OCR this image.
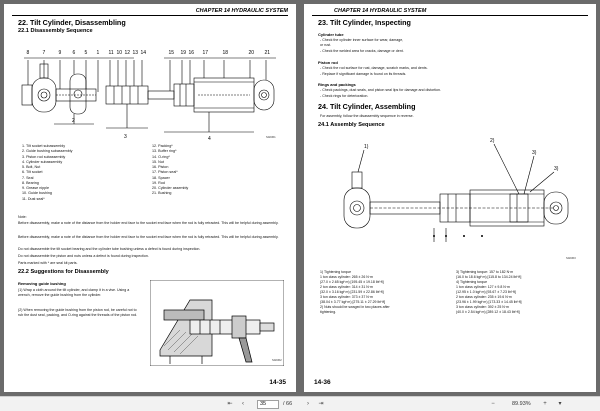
CHAPTER 14 HYDRAULIC SYSTEM
22. Tilt Cylinder, Disassembling
22.1 Disassembly Sequence
8	7	9 6 5 1 11 10 12 13 14	15 19 16 17	18	20 21
3
2
4	S02361
1. Tilt socket subassembly
2. Guide bushing subassembly
3. Piston rod subassembly
4. Cylinder subassembly
5. Bolt, Nut
6. Tilt socket
7. Seal
8. Bearing
9. Grease nipple
10. Guide bushing
11. Dust seal*
12. Packing*
13. Buffer ring*
14. O-ring*
15. Nut
16. Piston
17. Piston seal*
18. Spacer
19. Rod
20. Cylinder assembly
21. Bushing
Note:
Before disassembly, make a note of the distance from the holder end face to the socket end face when the rod is fully retracted. This will be helpful during assembly.
Before disassembly, make a note of the distance from the holder end face to the socket end face when the rod is fully retracted. This will be helpful during assembly.
Do not disassemble the tilt socket bearing and the cylinder tube bushing unless a defect is found during inspection.
Do not disassemble the piston and nuts unless a defect is found during inspection.
Parts marked with * are seal kit parts.
22.2 Suggestions for Disassembly
Removing guide bushing
(1) Wrap a cloth around the tilt cylinder, and clamp it in a vise. Using a wrench, remove the guide bushing from the cylinder.
(2) When removing the guide bushing from the piston rod, be careful not to rub the dust seal, packing, and O-ring against the threads of the piston rod.
S02362
14-35
CHAPTER 14 HYDRAULIC SYSTEM
23. Tilt Cylinder, Inspecting
Cylinder tube
- Check the cylinder inner surface for wear, damage,
or rust.
- Check the welded area for cracks, damage or dent.
Piston rod
- Check the rod surface for rust, damage, scratch marks, and dents.
- Replace if significant damage is found on its threads.
Rings and packings
- Check packings, dust seals, and piston seal lips for damage and distortion.
- Check rings for deterioration.
24. Tilt Cylinder, Assembling
For assembly, follow the disassembly sequence in reverse.
24.1 Assembly Sequence
1)
2)
3)
3)
S02363
1) Tightening torque
1 ton class cylinder: 265 ± 26 N·m
(27.0 ± 2.65 kgf·m) [195.45 ± 19.18 lbf·ft]
2 ton class cylinder: 314 ± 31 N·m
(32.0 ± 3.16 kgf·m) [231.59 ± 22.86 lbf·ft]
3 ton class cylinder: 373 ± 37 N·m
(38.04 ± 3.77 kgf·m) [275.11 ± 27.29 lbf·ft]
2) Nuts should be swaged in two places after
tightening.
3) Tightening torque: 157 to 182 N·m
(16.0 to 18.6 kgf·m) [115.8 to 134.24 lbf·ft]
4) Tightening torque
1 ton class cylinder: 127 ± 9.8 N·m
(12.95 ± 1.0 kgf·m) [93.67 ± 7.23 lbf·ft]
2 ton class cylinder: 235 ± 19.6 N·m
(23.96 ± 1.99 kgf·m) [173.33 ± 14.45 lbf·ft]
3 ton class cylinder: 392 ± 25 N·m
(40.0 ± 2.54 kgf·m) [289.12 ± 18.43 lbf·ft]
14-36
⇤	‹	35	/ 66	›	⇥	−	89.93%	+	▾
